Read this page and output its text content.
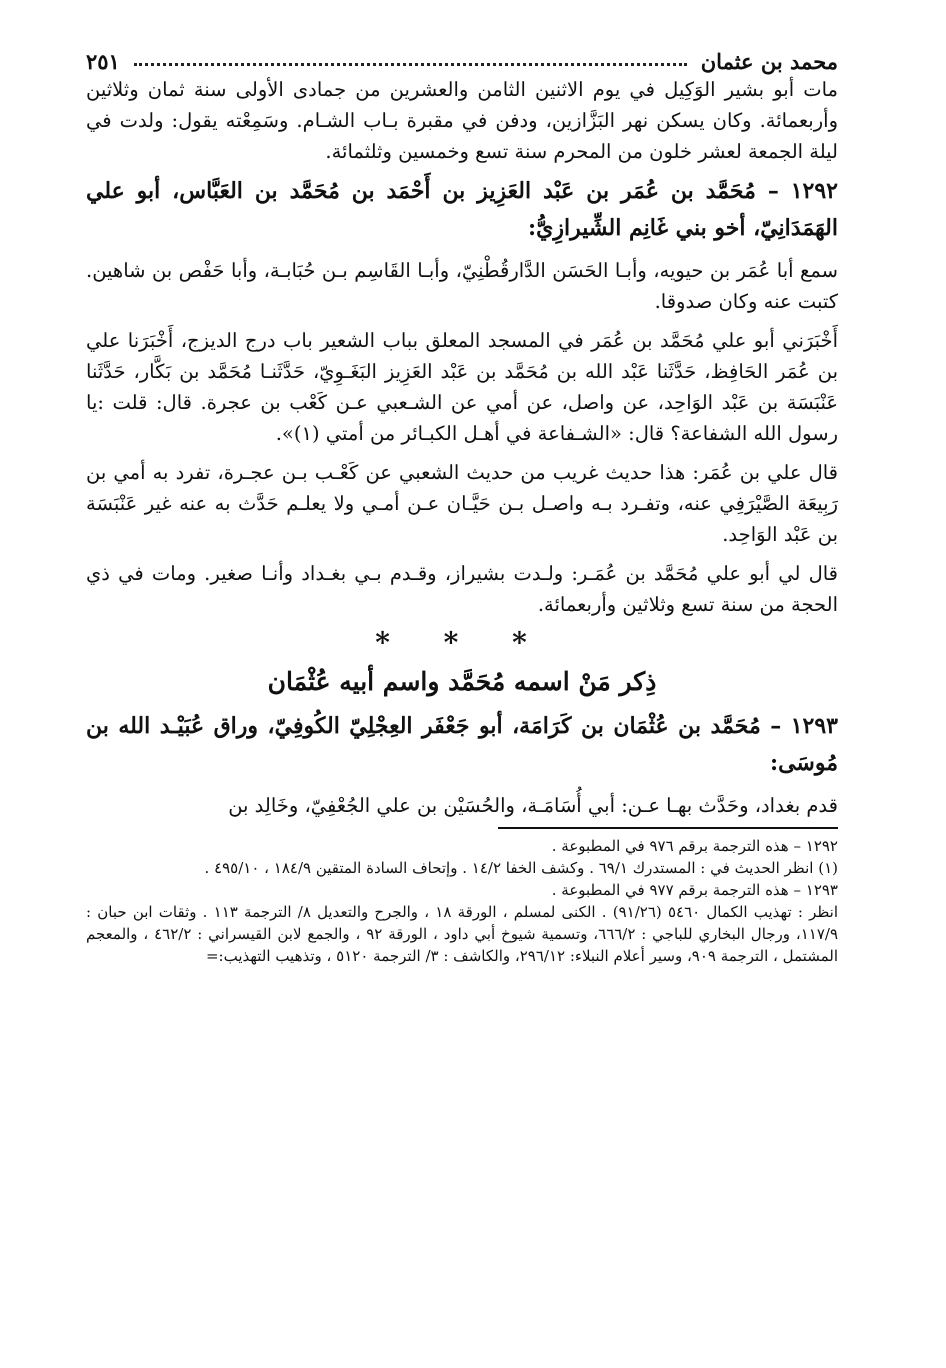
محمد بن عثمان
٢٥١

مات أبو بشير الوَكِيل في يوم الاثنين الثامن والعشرين من جمادى الأولى سنة ثمان وثلاثين وأربعمائة. وكان يسكن نهر البَزَّازين، ودفن في مقبرة بـاب الشـام. وسَمِعْته يقول: ولدت في ليلة الجمعة لعشر خلون من المحرم سنة تسع وخمسين وثلثمائة.

١٢٩٢ – مُحَمَّد بن عُمَر بن عَبْد العَزِيز بن أَحْمَد بن مُحَمَّد بن العَبَّاس، أبو علي الهَمَدَانِيّ، أخو بني غَانِم الشِّيرازِيُّ:

سمع أبا عُمَر بن حيويه، وأبـا الحَسَن الدَّارقُطْنِيّ، وأبـا القَاسِم بـن حُبَابـة، وأبا حَفْص بن شاهين. كتبت عنه وكان صدوقا.

أَخْبَرَني أبو علي مُحَمَّد بن عُمَر في المسجد المعلق بباب الشعير باب درج الديزج، أَخْبَرَنا علي بن عُمَر الحَافِظ، حَدَّثَنا عَبْد الله بن مُحَمَّد بن عَبْد العَزِيز البَغَـوِيّ، حَدَّثَنـا مُحَمَّد بن بَكَّار، حَدَّثَنا عَنْبَسَة بن عَبْد الوَاحِد، عن واصل، عن أمي عن الشـعبي عـن كَعْب بن عجرة. قال: قلت :يا رسول الله الشفاعة؟ قال: «الشـفاعة في أهـل الكبـائر من أمتي (١)».

قال علي بن عُمَر: هذا حديث غريب من حديث الشعبي عن كَعْـب بـن عجـرة، تفرد به أمي بن رَبِيعَة الصَّيْرَفِي عنه، وتفـرد بـه واصـل بـن حَيَّـان عـن أمـي ولا يعلـم حَدَّث به عنه غير عَنْبَسَة بن عَبْد الوَاحِد.

قال لي أبو علي مُحَمَّد بن عُمَـر: ولـدت بشيراز، وقـدم بـي بغـداد وأنـا صغير. ومات في ذي الحجة من سنة تسع وثلاثين وأربعمائة.

* * *
ذِكر مَنْ اسمه مُحَمَّد واسم أبيه عُثْمَان
١٢٩٣ – مُحَمَّد بن عُثْمَان بن كَرَامَة، أبو جَعْفَر العِجْلِيّ الكُوفِيّ، وراق عُبَيْـد الله بن مُوسَى:

قدم بغداد، وحَدَّث بهـا عـن: أبي أُسَامَـة، والحُسَيْن بن علي الجُعْفِيّ، وخَالِد بن

١٢٩٢ – هذه الترجمة برقم ٩٧٦ في المطبوعة .

(١) انظر الحديث في : المستدرك ٦٩/١ . وكشف الخفا ١٤/٢ . وإتحاف السادة المتقين ١٨٤/٩ ، ٤٩٥/١٠ .

١٢٩٣ – هذه الترجمة برقم ٩٧٧ في المطبوعة .

انظر : تهذيب الكمال ٥٤٦٠ (٩١/٢٦) . الكنى لمسلم ، الورقة ١٨ ، والجرح والتعديل ٨/ الترجمة ١١٣ . وثقات ابن حبان : ١١٧/٩، ورجال البخاري للباجي : ٦٦٦/٢، وتسمية شيوخ أبي داود ، الورقة ٩٢ ، والجمع لابن القيسراني : ٤٦٢/٢ ، والمعجم المشتمل ، الترجمة ٩٠٩، وسير أعلام النبلاء: ٢٩٦/١٢، والكاشف : ٣/ الترجمة ٥١٢٠ ، وتذهيب التهذيب:=
